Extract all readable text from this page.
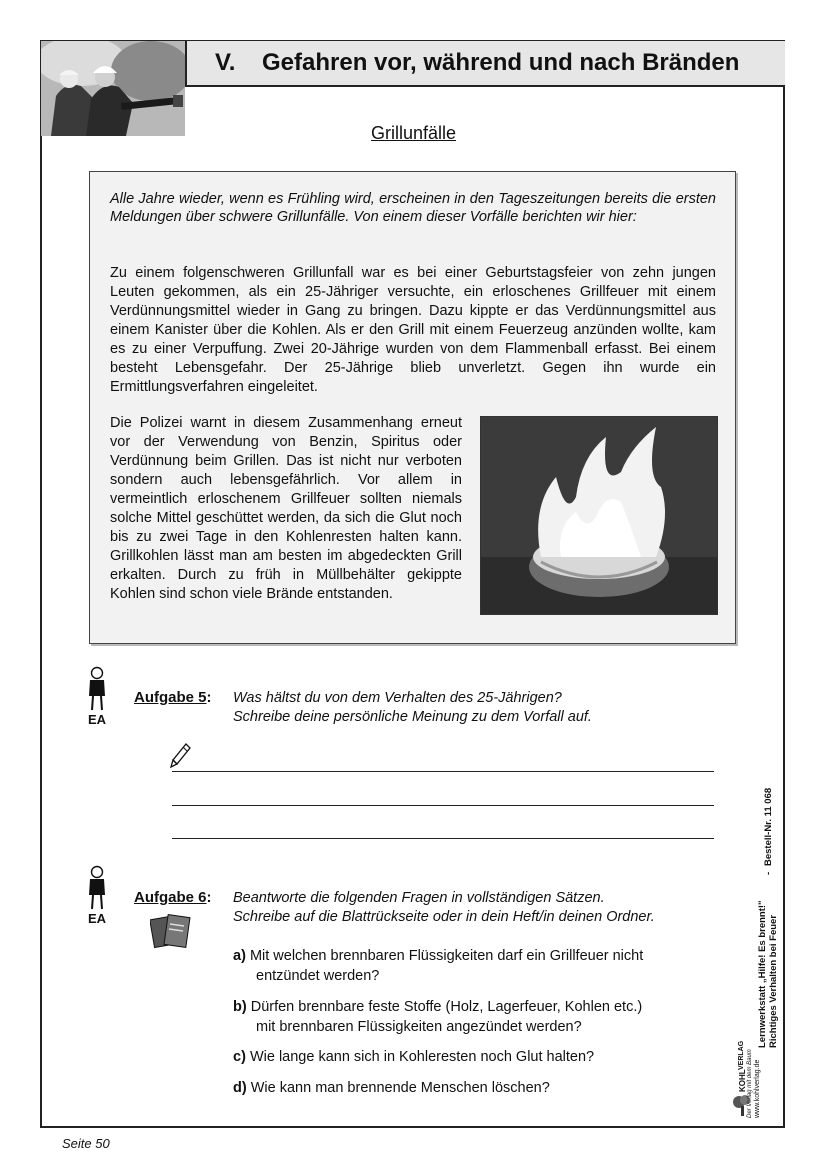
V. Gefahren vor, während und nach Bränden
Grillunfälle
Alle Jahre wieder, wenn es Frühling wird, erscheinen in den Tageszeitungen bereits die ersten Meldungen über schwere Grillunfälle. Von einem dieser Vorfälle berichten wir hier:
Zu einem folgenschweren Grillunfall war es bei einer Geburtstagsfeier von zehn jungen Leuten gekommen, als ein 25-Jähriger versuchte, ein erloschenes Grillfeuer mit einem Verdünnungsmittel wieder in Gang zu bringen. Dazu kippte er das Verdünnungsmittel aus einem Kanister über die Kohlen. Als er den Grill mit einem Feuerzeug anzünden wollte, kam es zu einer Verpuffung. Zwei 20-Jährige wurden von dem Flammenball erfasst. Bei einem besteht Lebensgefahr. Der 25-Jährige blieb unverletzt. Gegen ihn wurde ein Ermittlungsverfahren eingeleitet.
Die Polizei warnt in diesem Zusammenhang erneut vor der Verwendung von Benzin, Spiritus oder Verdünnung beim Grillen. Das ist nicht nur verboten sondern auch lebensgefährlich. Vor allem in vermeintlich erloschenem Grillfeuer sollten niemals solche Mittel geschüttet werden, da sich die Glut noch bis zu zwei Tage in den Kohlenresten halten kann. Grillkohlen lässt man am besten im abgedeckten Grill erkalten. Durch zu früh in Müllbehälter gekippte Kohlen sind schon viele Brände entstanden.
EA
Aufgabe 5: Was hältst du von dem Verhalten des 25-Jährigen?
Schreibe deine persönliche Meinung zu dem Vorfall auf.
EA
Aufgabe 6: Beantworte die folgenden Fragen in vollständigen Sätzen.
Schreibe auf die Blattrückseite oder in dein Heft/in deinen Ordner.
a) Mit welchen brennbaren Flüssigkeiten darf ein Grillfeuer nicht
entzündet werden?
b) Dürfen brennbare feste Stoffe (Holz, Lagerfeuer, Kohlen etc.)
mit brennbaren Flüssigkeiten angezündet werden?
c) Wie lange kann sich in Kohleresten noch Glut halten?
d) Wie kann man brennende Menschen löschen?
Lernwerkstatt „Hilfe! Es brennt!" Richtiges Verhalten bei Feuer
-
Bestell-Nr. 11 068
KOHL
VERLAG Der Verlag mit dem Baum www.kohlverlag.de
Seite 50
